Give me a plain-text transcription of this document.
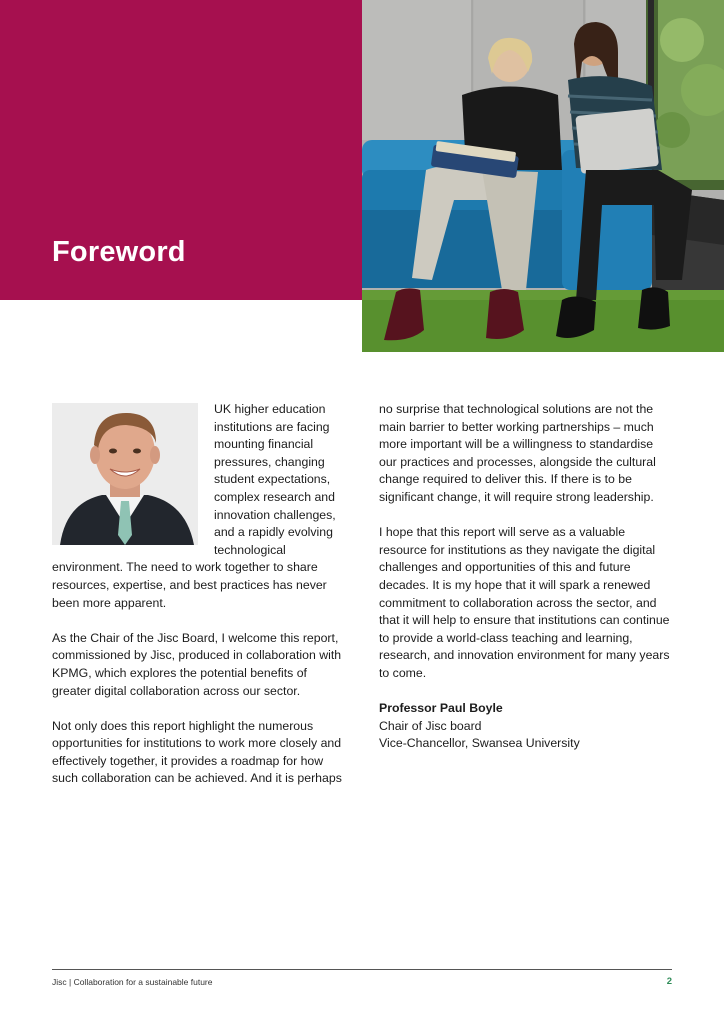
Foreword

UK higher education institutions are facing mounting financial pressures, changing student expectations, complex research and innovation challenges, and a rapidly evolving technological environment. The need to work together to share resources, expertise, and best practices has never been more apparent.

As the Chair of the Jisc Board, I welcome this report, commissioned by Jisc, produced in collaboration with KPMG, which explores the potential benefits of greater digital collaboration across our sector.

Not only does this report highlight the numerous opportunities for institutions to work more closely and effectively together, it provides a roadmap for how such collaboration can be achieved. And it is perhaps

no surprise that technological solutions are not the main barrier to better working partnerships – much more important will be a willingness to standardise our practices and processes, alongside the cultural change required to deliver this. If there is to be significant change, it will require strong leadership.

I hope that this report will serve as a valuable resource for institutions as they navigate the digital challenges and opportunities of this and future decades. It is my hope that it will spark a renewed commitment to collaboration across the sector, and that it will help to ensure that institutions can continue to provide a world-class teaching and learning, research, and innovation environment for many years to come.

Professor Paul Boyle
Chair of Jisc board
Vice-Chancellor, Swansea University
Jisc | Collaboration for a sustainable future	2
